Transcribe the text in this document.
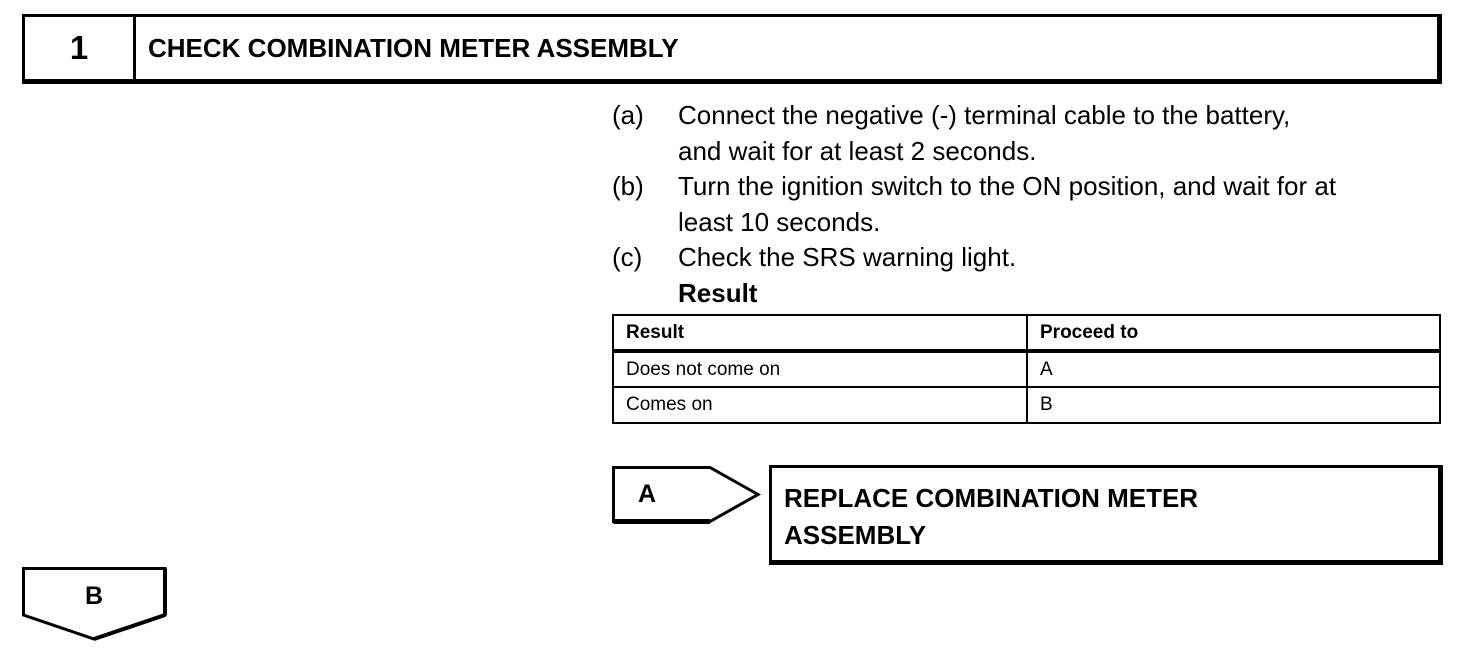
1	CHECK COMBINATION METER ASSEMBLY
(a)	Connect the negative (-) terminal cable to the battery,
and wait for at least 2 seconds.
(b)	Turn the ignition switch to the ON position, and wait for at
least 10 seconds.
(c)	Check the SRS warning light.
Result
Result	Proceed to
Does not come on	A
Comes on	B
A	REPLACE COMBINATION METER
ASSEMBLY
B
